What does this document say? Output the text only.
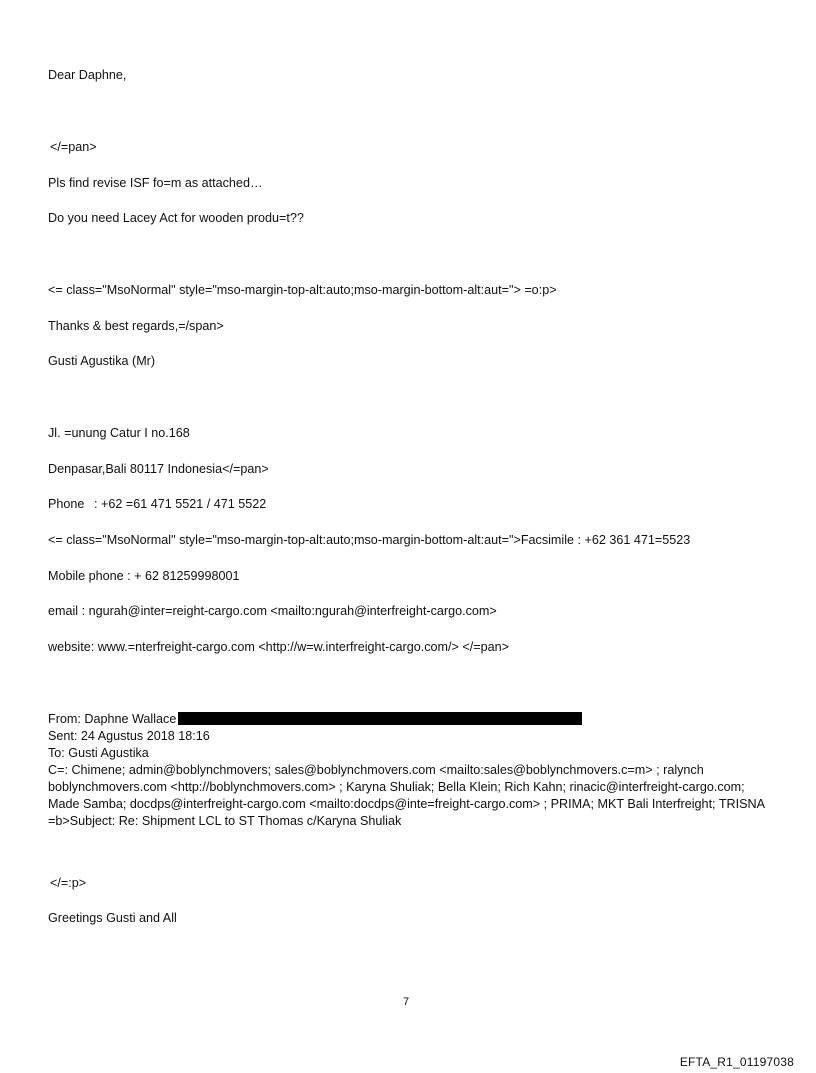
Dear Daphne,
</=pan>
Pls find revise ISF fo=m as attached…
Do you need Lacey Act for wooden produ=t??
<= class="MsoNormal" style="mso-margin-top-alt:auto;mso-margin-bottom-alt:aut="> =o:p>
Thanks & best regards,=/span>
Gusti Agustika (Mr)
Jl. =unung Catur I no.168
Denpasar,Bali 80117 Indonesia</=pan>
Phone : +62 =61 471 5521 / 471 5522
<= class="MsoNormal" style="mso-margin-top-alt:auto;mso-margin-bottom-alt:aut=">Facsimile : +62 361 471=5523
Mobile phone : + 62 81259998001
email : ngurah@inter=reight-cargo.com <mailto:ngurah@interfreight-cargo.com>
website: www.=nterfreight-cargo.com <http://w=w.interfreight-cargo.com/> </=pan>
From: Daphne Wallace
Sent: 24 Agustus 2018 18:16
To: Gusti Agustika
C=: Chimene; admin@boblynchmovers; sales@boblynchmovers.com <mailto:sales@boblynchmovers.c=m> ; ralynch boblynchmovers.com <http://boblynchmovers.com> ; Karyna Shuliak; Bella Klein; Rich Kahn; rinacic@interfreight-cargo.com; Made Samba; docdps@interfreight-cargo.com <mailto:docdps@inte=freight-cargo.com> ; PRIMA; MKT Bali Interfreight; TRISNA
=b>Subject: Re: Shipment LCL to ST Thomas c/Karyna Shuliak
</=:p>
Greetings Gusti and All
7
EFTA_R1_01197038
